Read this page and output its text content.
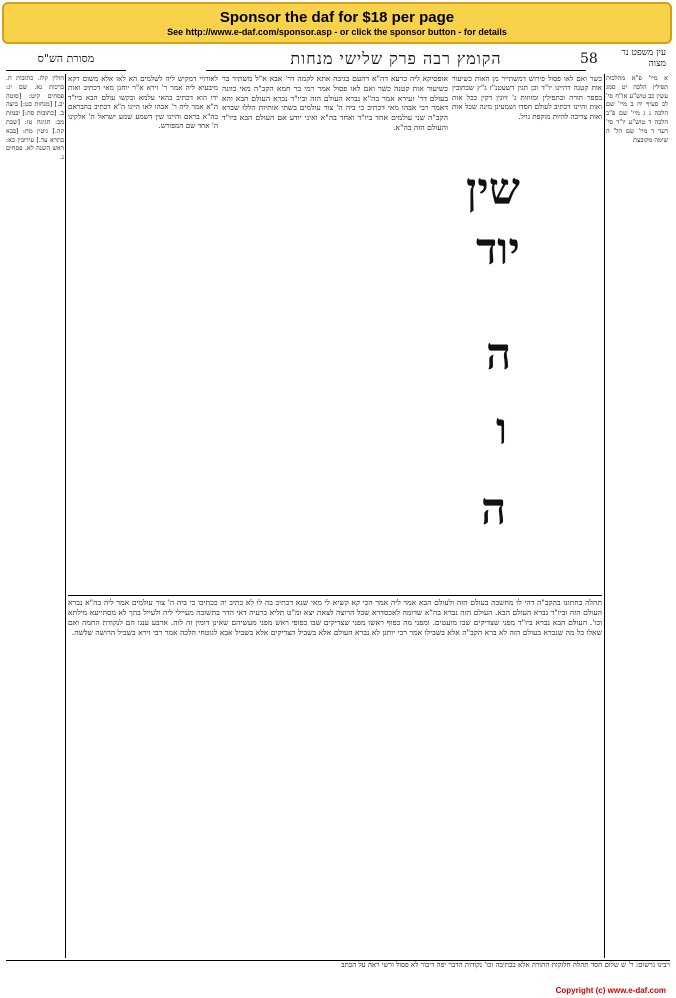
Sponsor the daf for $18 per page
See http://www.e-daf.com/sponsor.asp - or click the sponsor button - for details
מסורת הש"ס	הקומץ רבה פרק שלישי מנחות	58	עין משפט נר מצוה

חולין קלז. כתובות ח. ברכות נא. שם יג: פסחים קיט: [סוטה יב.] [מנחות כט:] ביצה ב. [כתובות סה:] יבמות מב: חגיגה טז: [שבת קה.] גיטין מח: [בבא בתרא עד.] עירובין כא: ראש השנה לא. פסחים נ.

לאורויי דמקיש ליה לשלמים הא לאו אלא משום דקא מיבעיא ליה אמר ר' זירא א"ר יוחנן מאי דכתיב ואות ידו הוא דכתיב בהאי עלמא ובקשו עולם הבא ביו"ד ה"א אמר ליה ר' אבהו לאו היינו ה"א דכתיב בהבראם בה"א בראם והיינו שין דשמע שמע ישראל ה' אלקינו ה' אחד שם המפורש.

אופסיקא ליה כרעא דה"א דהעם בגיבה אתא לקמה דר' אבא א"ל משתיר בר כשיעור אות קטנה כשר ואם לאו פסול אמר רמי בר חמא הקב"ה מאי כוונה בעולם דר' זעירא אמר בה"א נברא העולם הזה וביו"ד נברא העולם הבא והא דאמר רבי אבהו מאי דכתיב כי ביה ה' צור עולמים בשתי אותיות הללו שברא הקב"ה שני עולמים אחד ביו"ד ואחד בה"א ואיני יודע אם העולם הבא ביו"ד והעולם הזה בה"א.

כשר ואם לאו פסול פירוש דמשתייר מן האות כשיעור אות קטנה דהיינו יו"ד וכן תגין דשעטנ"ז ג"ץ שכתובין בספר תורה ובתפילין ומזוזות ג' זיונין דקין בכל אות ואות והיינו דכתיב לעולם חסדו ושמעינן מינה שכל אות ואות צריכה להיות מוקפת גויל.

א מיי' פ"א מהלכות תפילין הלכה יט סמג עשין כב טוש"ע או"ח סי' לב סעיף יח ב מיי' שם הלכה ג ג מיי' שם פ"ב הלכה ד טוש"ע יו"ד סי' רעד ד מיי' שם הל' ה שימה מקובצת

שין
יוד
ה
ו
ה

תהלה בחתונו בהקב"ה דהי לו מחשבה בעולם הזה ולעולם הבא אמר ליה אמר הכי קא קשיא לי מאי שנא דכתיב בה לו לא כתיב יה ככתיבו כי ביה ה' צור עולמים אמר ליה בה"א נברא העולם הזה וביו"ד נברא העולם הבא. העולם הזה נברא בה"א שדומה לאכסדרא שכל הרוצה לצאת יצא ומ"ט תליא כרעיה דאי הדר בתשובה מעיילי ליה ולעייל בהך לא מסתייעא מילתא וכו'. העולם הבא נברא ביו"ד מפני שצדיקים שבו מועטים. ומפני מה כפוף ראשו מפני שצדיקים שבו כפופי ראש מפני מעשיהם שאינן דומין זה לזה. ארבע ענגו הם לנקודת החמה ואם שאלו כל מה שנברא בעולם הזה לא ברא הקב"ה אלא בשבילו אמר רבי יוחנן לא נברא העולם אלא בשביל הצדיקים אלא בשביל אבא לגוטחי הלכה אמר רבי זירא בשביל הרושה שלשה.

רבינו גרשום: ר' ש שלום חסד תהלה חלוקות התורה אלא בכתיבה וכו' נקודות הדבר יפה דיבור לא פסול ורשי ראה על הכתב
Copyright (c) www.e-daf.com
